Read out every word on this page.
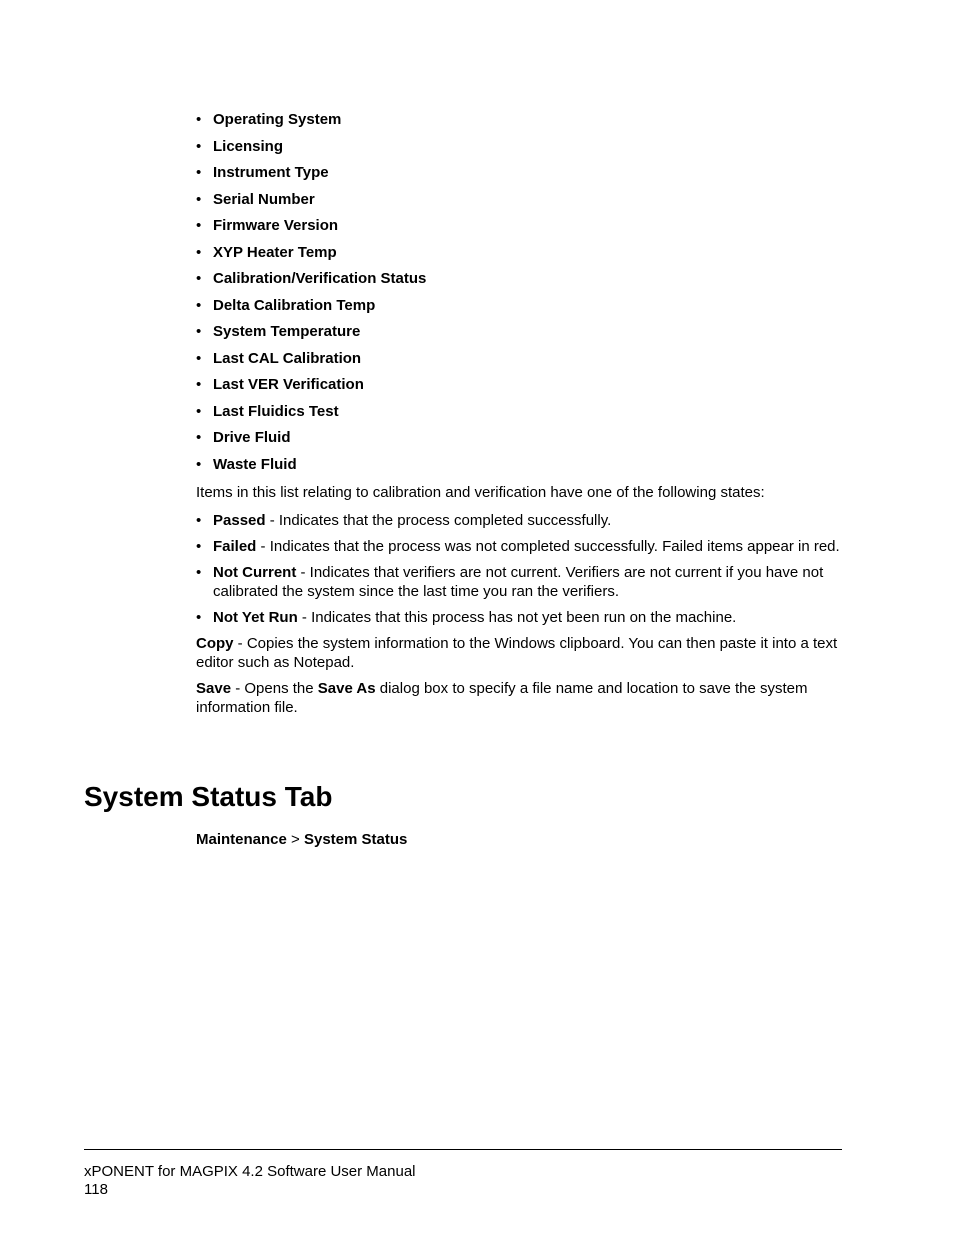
• Operating System
• Licensing
• Instrument Type
• Serial Number
• Firmware Version
• XYP Heater Temp
• Calibration/Verification Status
• Delta Calibration Temp
• System Temperature
• Last CAL Calibration
• Last VER Verification
• Last Fluidics Test
• Drive Fluid
• Waste Fluid

Items in this list relating to calibration and verification have one of the following states:

• Passed - Indicates that the process completed successfully.
• Failed - Indicates that the process was not completed successfully. Failed items appear in red.
• Not Current - Indicates that verifiers are not current. Verifiers are not current if you have not calibrated the system since the last time you ran the verifiers.
• Not Yet Run - Indicates that this process has not yet been run on the machine.

Copy - Copies the system information to the Windows clipboard. You can then paste it into a text editor such as Notepad.

Save - Opens the Save As dialog box to specify a file name and location to save the system information file.

System Status Tab

Maintenance > System Status

xPONENT for MAGPIX 4.2 Software User Manual
118
